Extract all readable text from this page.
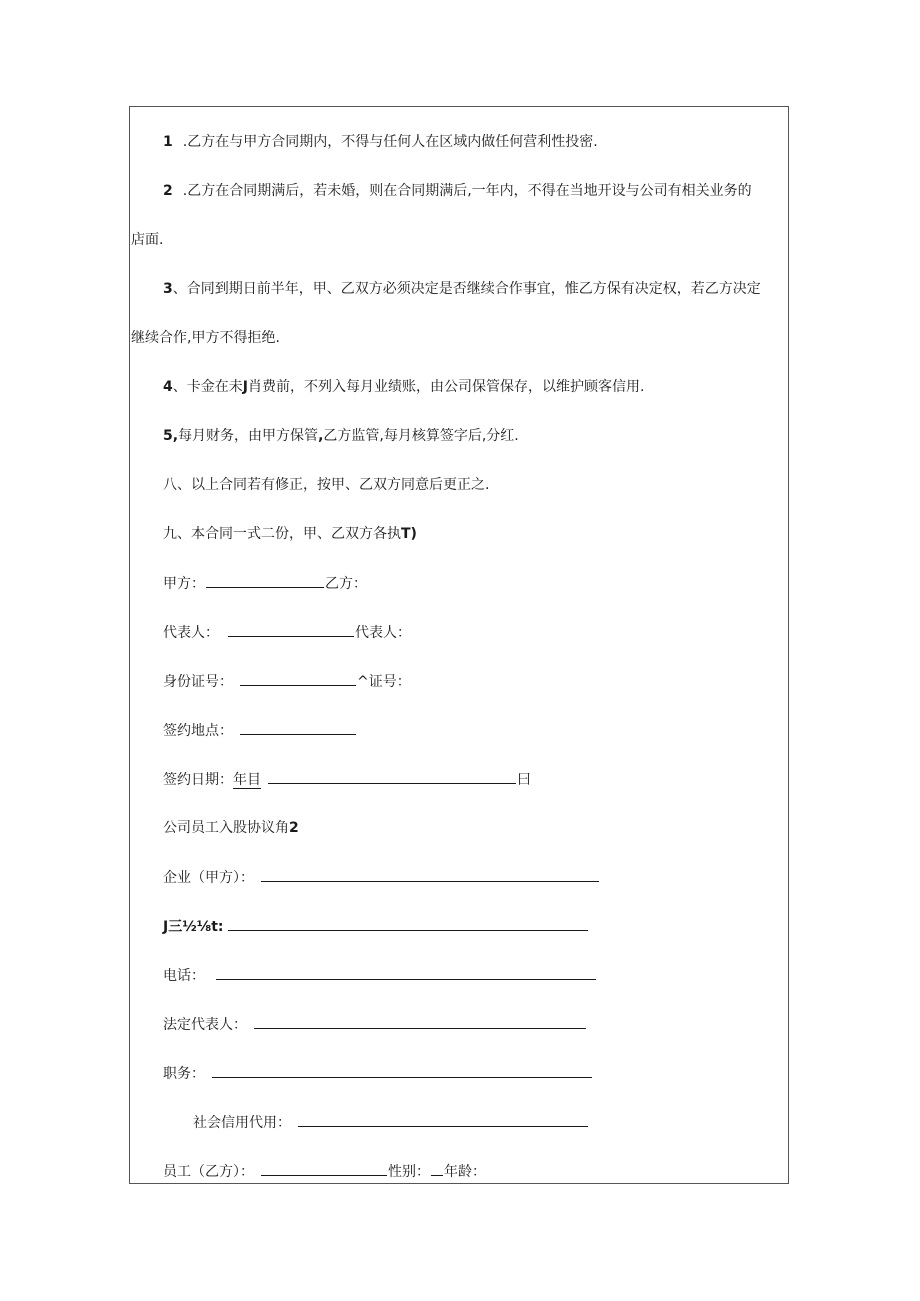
1 .乙方在与甲方合同期内，不得与任何人在区域内做任何营利性投密.
2 .乙方在合同期满后，若未婚，则在合同期满后,一年内，不得在当地开设与公司有相关业务的
店面.
3、合同到期日前半年，甲、乙双方必须决定是否继续合作事宜，惟乙方保有决定权，若乙方决定
继续合作,甲方不得拒绝.
4、卡金在未J肖费前，不列入每月业绩账，由公司保管保存，以维护顾客信用.
5,每月财务，由甲方保管,乙方监管,每月核算签字后,分红.
八、以上合同若有修正，按甲、乙双方同意后更正之.
九、本合同一式二份，甲、乙双方各执T)
甲方：	乙方：
代表人：	代表人：
身份证号：	^证号：
签约地点：
签约日期：年目	曰
公司员工入股协议角2
企业（甲方）：
J三½⅛t:
电话：
法定代表人：
职务：
社会信用代用：
员工（乙方）：	性别： 年龄：
